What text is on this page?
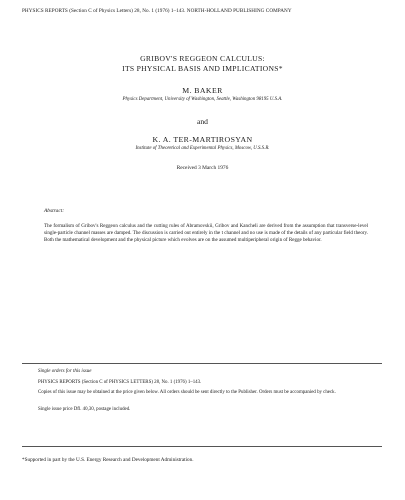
PHYSICS REPORTS (Section C of Physics Letters) 28, No. 1 (1976) 1–143. NORTH-HOLLAND PUBLISHING COMPANY
GRIBOV'S REGGEON CALCULUS:
ITS PHYSICAL BASIS AND IMPLICATIONS*
M. BAKER
Physics Department, University of Washington, Seattle, Washington 98195 U.S.A.
and
K. A. TER-MARTIROSYAN
Institute of Theoretical and Experimental Physics, Moscow, U.S.S.R.
Received 3 March 1976
Abstract:
The formalism of Gribov's Reggeon calculus and the cutting rules of Abramovskii, Gribov and Kancheli are derived from the assumption that transverse-level single-particle channel masses are damped. The discussion is carried out entirely in the t channel and no use is made of the details of any particular field theory. Both the mathematical development and the physical picture which evolves are on the assumed multiperipheral origin of Regge behavior.
Single orders for this issue
PHYSICS REPORTS (Section C of PHYSICS LETTERS) 28, No. 1 (1976) 1–143.
Copies of this issue may be obtained at the price given below. All orders should be sent directly to the Publisher. Orders must be accompanied by check.
Single issue price Dfl. 40,30, postage included.
*Supported in part by the U.S. Energy Research and Development Administration.
